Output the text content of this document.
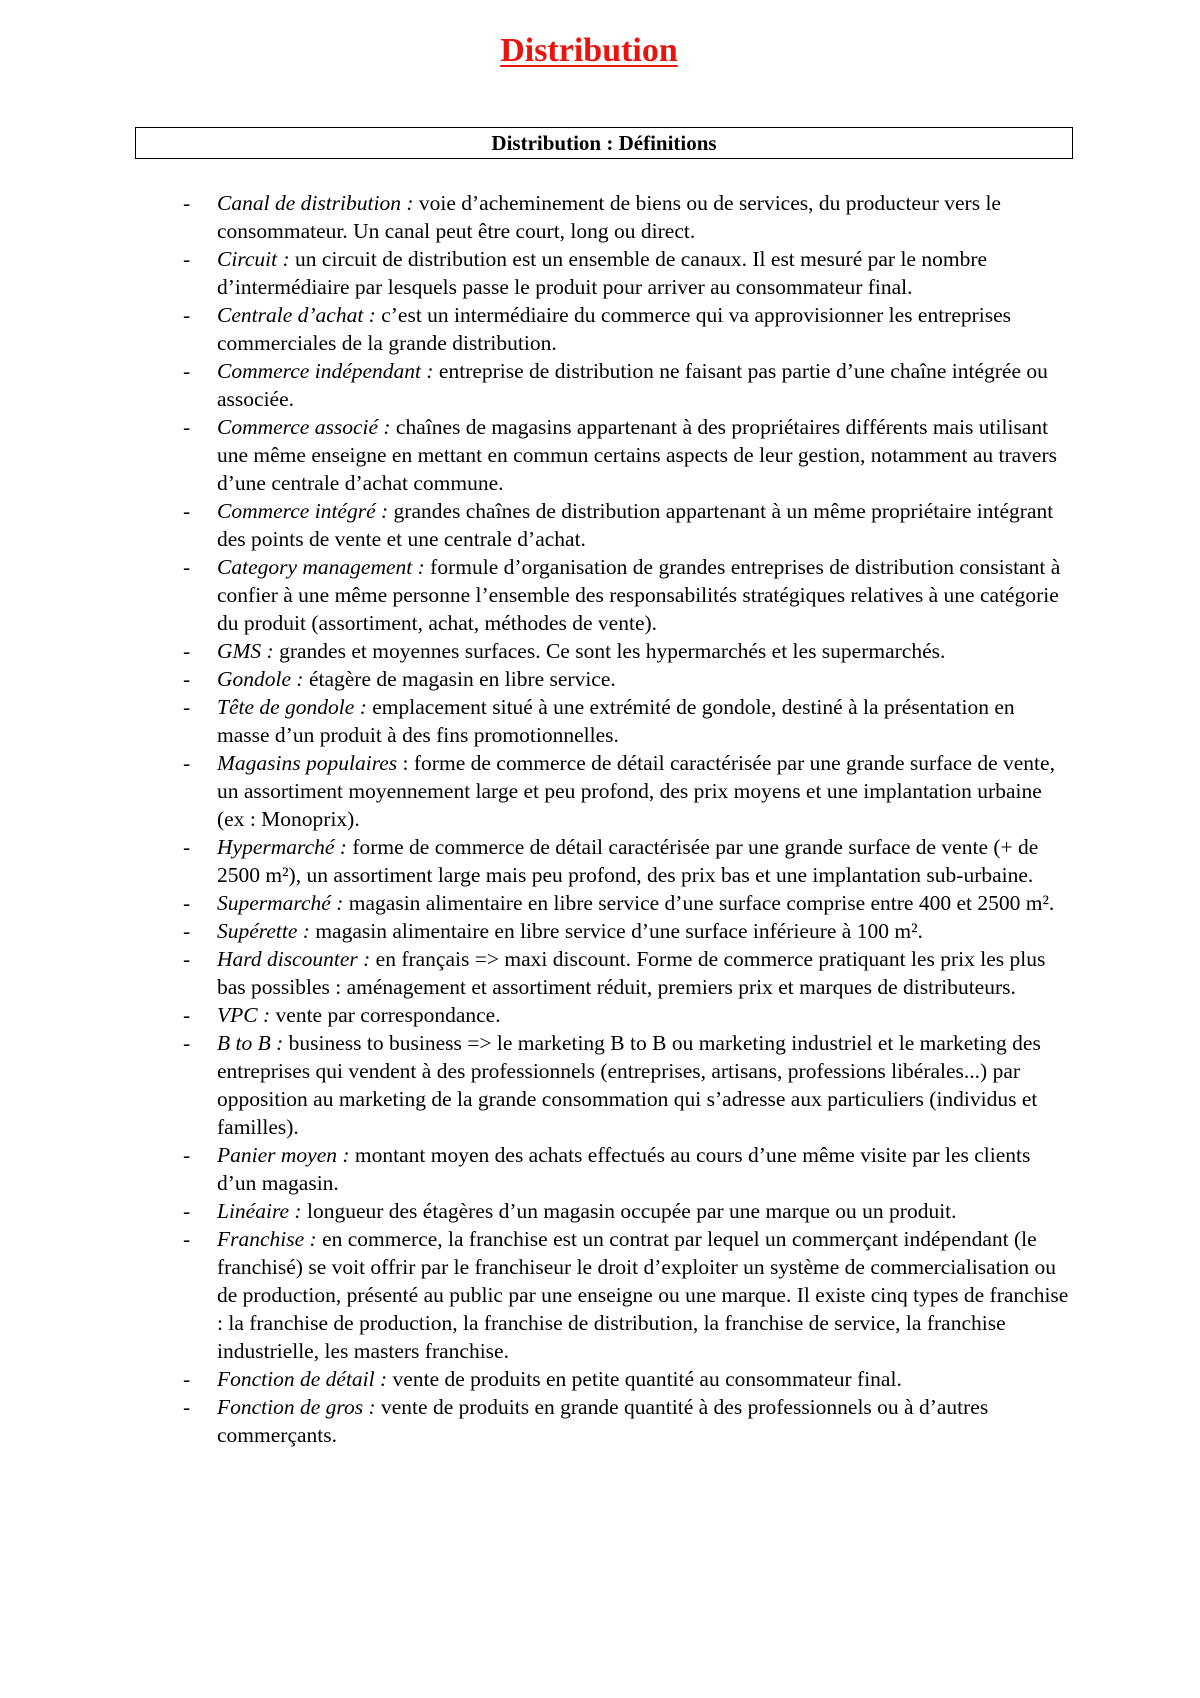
Distribution
Distribution : Définitions
- Canal de distribution : voie d’acheminement de biens ou de services, du producteur vers le consommateur. Un canal peut être court, long ou direct.
- Circuit : un circuit de distribution est un ensemble de canaux. Il est mesuré par le nombre d’intermédiaire par lesquels passe le produit pour arriver au consommateur final.
- Centrale d’achat : c’est un intermédiaire du commerce qui va approvisionner les entreprises commerciales de la grande distribution.
- Commerce indépendant : entreprise de distribution ne faisant pas partie d’une chaîne intégrée ou associée.
- Commerce associé : chaînes de magasins appartenant à des propriétaires différents mais utilisant une même enseigne en mettant en commun certains aspects de leur gestion, notamment au travers d’une centrale d’achat commune.
- Commerce intégré : grandes chaînes de distribution appartenant à un même propriétaire intégrant des points de vente et une centrale d’achat.
- Category management : formule d’organisation de grandes entreprises de distribution consistant à confier à une même personne l’ensemble des responsabilités stratégiques relatives à une catégorie du produit (assortiment, achat, méthodes de vente).
- GMS : grandes et moyennes surfaces. Ce sont les hypermarchés et les supermarchés.
- Gondole : étagère de magasin en libre service.
- Tête de gondole : emplacement situé à une extrémité de gondole, destiné à la présentation en masse d’un produit à des fins promotionnelles.
- Magasins populaires : forme de commerce de détail caractérisée par une grande surface de vente, un assortiment moyennement large et peu profond, des prix moyens et une implantation urbaine (ex : Monoprix).
- Hypermarché : forme de commerce de détail caractérisée par une grande surface de vente (+ de 2500 m²), un assortiment large mais peu profond, des prix bas et une implantation sub-urbaine.
- Supermarché : magasin alimentaire en libre service d’une surface comprise entre 400 et 2500 m².
- Supérette : magasin alimentaire en libre service d’une surface inférieure à 100 m².
- Hard discounter : en français => maxi discount. Forme de commerce pratiquant les prix les plus bas possibles : aménagement et assortiment réduit, premiers prix et marques de distributeurs.
- VPC : vente par correspondance.
- B to B : business to business => le marketing B to B ou marketing industriel et le marketing des entreprises qui vendent à des professionnels (entreprises, artisans, professions libérales...) par opposition au marketing de la grande consommation qui s’adresse aux particuliers (individus et familles).
- Panier moyen : montant moyen des achats effectués au cours d’une même visite par les clients d’un magasin.
- Linéaire : longueur des étagères d’un magasin occupée par une marque ou un produit.
- Franchise : en commerce, la franchise est un contrat par lequel un commerçant indépendant (le franchisé) se voit offrir par le franchiseur le droit d’exploiter un système de commercialisation ou de production, présenté au public par une enseigne ou une marque. Il existe cinq types de franchise : la franchise de production, la franchise de distribution, la franchise de service, la franchise industrielle, les masters franchise.
- Fonction de détail : vente de produits en petite quantité au consommateur final.
- Fonction de gros : vente de produits en grande quantité à des professionnels ou à d’autres commerçants.
